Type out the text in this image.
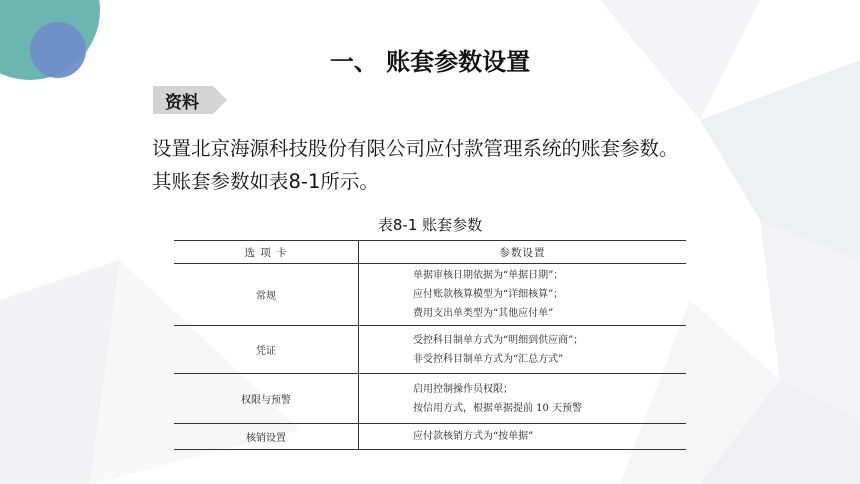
一、 账套参数设置
资料
设置北京海源科技股份有限公司应付款管理系统的账套参数。
其账套参数如表8-1所示。
表8-1 账套参数
选 项 卡	参数设置
常规	单据审核日期依据为“单据日期”；
应付账款核算模型为“详细核算”；
费用支出单类型为“其他应付单”

凭证	受控科目制单方式为“明细到供应商”；
非受控科目制单方式为“汇总方式”

权限与预警	启用控制操作员权限；
按信用方式，根据单据提前 10 天预警

核销设置	应付款核销方式为“按单据”
